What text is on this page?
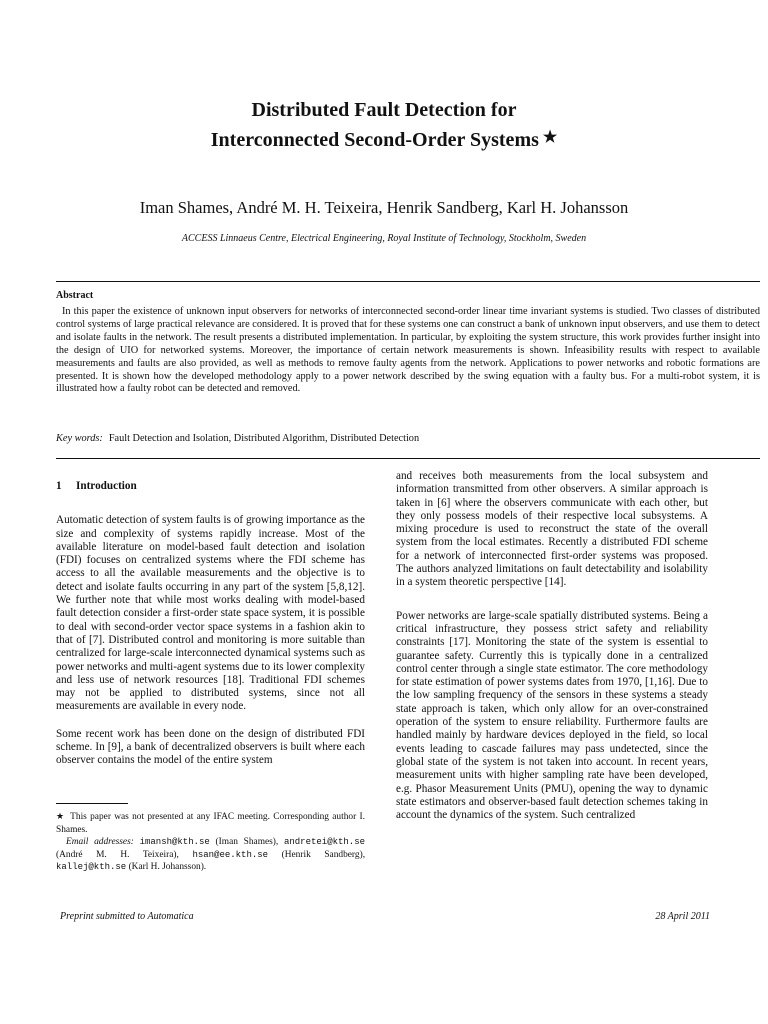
Distributed Fault Detection for
Interconnected Second-Order Systems ★
Iman Shames, André M. H. Teixeira, Henrik Sandberg, Karl H. Johansson
ACCESS Linnaeus Centre, Electrical Engineering, Royal Institute of Technology, Stockholm, Sweden
Abstract

In this paper the existence of unknown input observers for networks of interconnected second-order linear time invariant systems is studied. Two classes of distributed control systems of large practical relevance are considered. It is proved that for these systems one can construct a bank of unknown input observers, and use them to detect and isolate faults in the network. The result presents a distributed implementation. In particular, by exploiting the system structure, this work provides further insight into the design of UIO for networked systems. Moreover, the importance of certain network measurements is shown. Infeasibility results with respect to available measurements and faults are also provided, as well as methods to remove faulty agents from the network. Applications to power networks and robotic formations are presented. It is shown how the developed methodology apply to a power network described by the swing equation with a faulty bus. For a multi-robot system, it is illustrated how a faulty robot can be detected and removed.

Key words: Fault Detection and Isolation, Distributed Algorithm, Distributed Detection
1 Introduction

Automatic detection of system faults is of growing importance as the size and complexity of systems rapidly increase. Most of the available literature on model-based fault detection and isolation (FDI) focuses on centralized systems where the FDI scheme has access to all the available measurements and the objective is to detect and isolate faults occurring in any part of the system [5,8,12]. We further note that while most works dealing with model-based fault detection consider a first-order state space system, it is possible to deal with second-order vector space systems in a fashion akin to that of [7]. Distributed control and monitoring is more suitable than centralized for large-scale interconnected dynamical systems such as power networks and multi-agent systems due to its lower complexity and less use of network resources [18]. Traditional FDI schemes may not be applied to distributed systems, since not all measurements are available in every node.

Some recent work has been done on the design of distributed FDI scheme. In [9], a bank of decentralized observers is built where each observer contains the model of the entire system

and receives both measurements from the local subsystem and information transmitted from other observers. A similar approach is taken in [6] where the observers communicate with each other, but they only possess models of their respective local subsystems. A mixing procedure is used to reconstruct the state of the overall system from the local estimates. Recently a distributed FDI scheme for a network of interconnected first-order systems was proposed. The authors analyzed limitations on fault detectability and isolability in a system theoretic perspective [14].

Power networks are large-scale spatially distributed systems. Being a critical infrastructure, they possess strict safety and reliability constraints [17]. Monitoring the state of the system is essential to guarantee safety. Currently this is typically done in a centralized control center through a single state estimator. The core methodology for state estimation of power systems dates from 1970, [1,16]. Due to the low sampling frequency of the sensors in these systems a steady state approach is taken, which only allow for an over-constrained operation of the system to ensure reliability. Furthermore faults are handled mainly by hardware devices deployed in the field, so local events leading to cascade failures may pass undetected, since the global state of the system is not taken into account. In recent years, measurement units with higher sampling rate have been developed, e.g. Phasor Measurement Units (PMU), opening the way to dynamic state estimators and observer-based fault detection schemes taking in account the dynamics of the system. Such centralized

★ This paper was not presented at any IFAC meeting. Corresponding author I. Shames.

Email addresses: imansh@kth.se (Iman Shames), andretei@kth.se (André M. H. Teixeira), hsan@ee.kth.se (Henrik Sandberg), kallej@kth.se (Karl H. Johansson).

Preprint submitted to Automatica	28 April 2011
